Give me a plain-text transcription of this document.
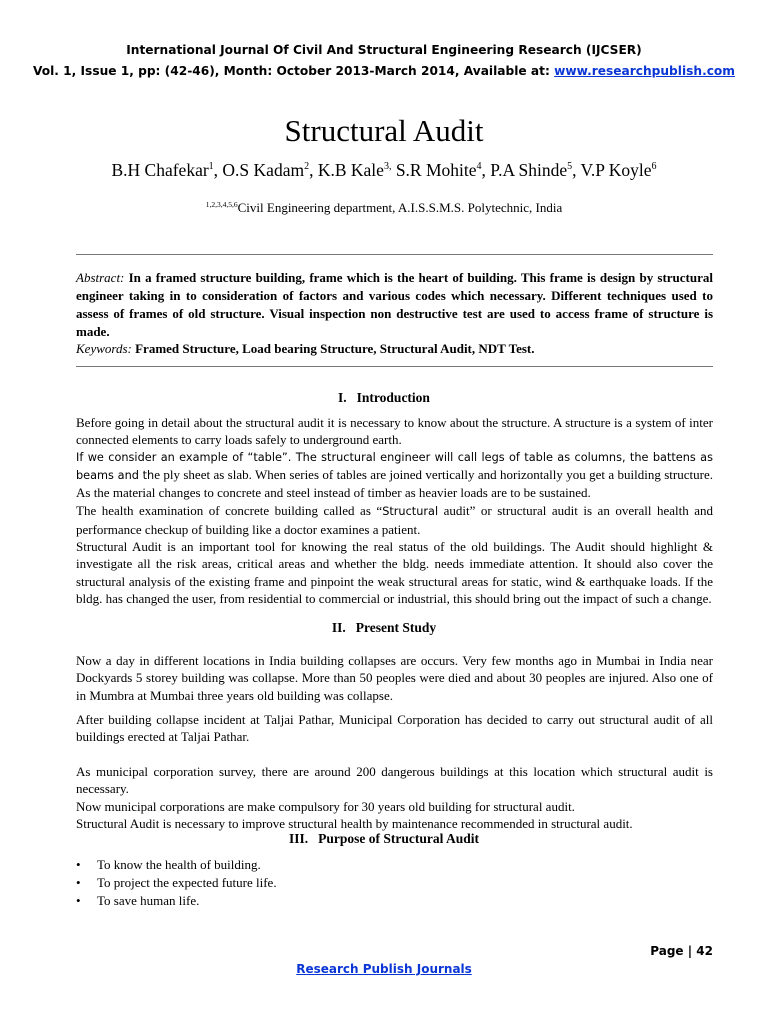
International Journal Of Civil And Structural Engineering Research (IJCSER)
Vol. 1, Issue 1, pp: (42-46), Month: October 2013-March 2014, Available at: www.researchpublish.com
Structural Audit
B.H Chafekar$^1$, O.S Kadam$^2$, K.B Kale$^{3,}$ S.R Mohite$^4$, P.A Shinde$^5$, V.P Koyle$^6$
$^{1,2,3,4,5,6}$Civil Engineering department, A.I.S.S.M.S. Polytechnic, India
Abstract: In a framed structure building, frame which is the heart of building. This frame is design by structural engineer taking in to consideration of factors and various codes which necessary. Different techniques used to assess of frames of old structure. Visual inspection non destructive test are used to access frame of structure is made.
Keywords: Framed Structure, Load bearing Structure, Structural Audit, NDT Test.
I. Introduction

Before going in detail about the structural audit it is necessary to know about the structure. A structure is a system of inter connected elements to carry loads safely to underground earth.

If we consider an example of “table”. The structural engineer will call legs of table as columns, the battens as beams and the ply sheet as slab. When series of tables are joined vertically and horizontally you get a building structure. As the material changes to concrete and steel instead of timber as heavier loads are to be sustained.

The health examination of concrete building called as “Structural audit” or structural audit is an overall health and performance checkup of building like a doctor examines a patient.

Structural Audit is an important tool for knowing the real status of the old buildings. The Audit should highlight & investigate all the risk areas, critical areas and whether the bldg. needs immediate attention. It should also cover the structural analysis of the existing frame and pinpoint the weak structural areas for static, wind & earthquake loads. If the bldg. has changed the user, from residential to commercial or industrial, this should bring out the impact of such a change.

II. Present Study
Now a day in different locations in India building collapses are occurs. Very few months ago in Mumbai in India near Dockyards 5 storey building was collapse. More than 50 peoples were died and about 30 peoples are injured. Also one of in Mumbra at Mumbai three years old building was collapse.
After building collapse incident at Taljai Pathar, Municipal Corporation has decided to carry out structural audit of all buildings erected at Taljai Pathar.

As municipal corporation survey, there are around 200 dangerous buildings at this location which structural audit is necessary.

Now municipal corporations are make compulsory for 30 years old building for structural audit.

Structural Audit is necessary to improve structural health by maintenance recommended in structural audit.

III. Purpose of Structural Audit
• To know the health of building.
• To project the expected future life.
• To save human life.
Page | 42
Research Publish Journals
